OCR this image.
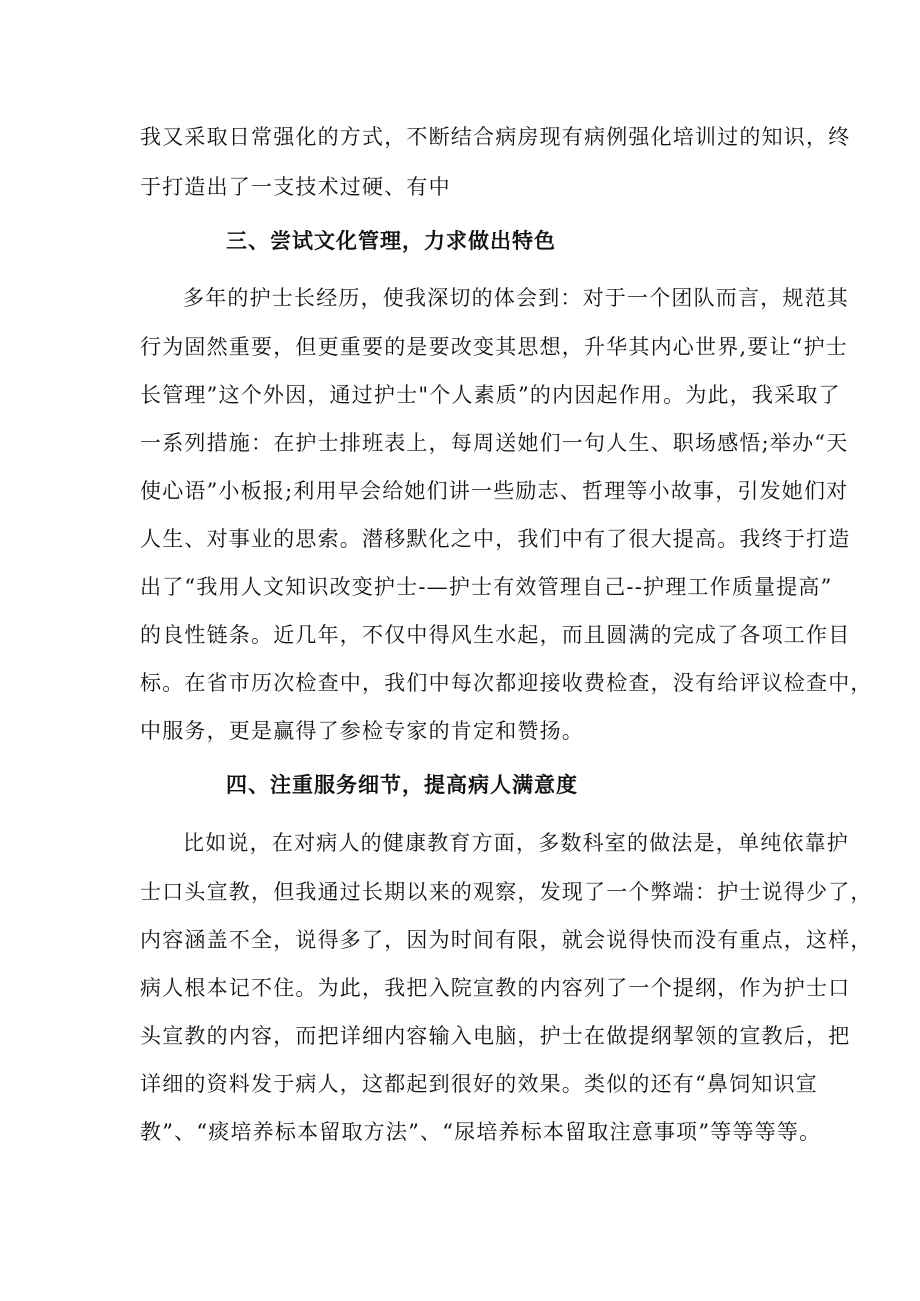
我又采取日常强化的方式，不断结合病房现有病例强化培训过的知识，终
于打造出了一支技术过硬、有中
三、尝试文化管理，力求做出特色
多年的护士长经历，使我深切的体会到：对于一个团队而言，规范其
行为固然重要，但更重要的是要改变其思想，升华其内心世界,要让“护士
长管理”这个外因，通过护士"个人素质”的内因起作用。为此，我采取了
一系列措施：在护士排班表上，每周送她们一句人生、职场感悟;举办“天
使心语”小板报;利用早会给她们讲一些励志、哲理等小故事，引发她们对
人生、对事业的思索。潜移默化之中，我们中有了很大提高。我终于打造
出了“我用人文知识改变护士-—护士有效管理自己--护理工作质量提高”
的良性链条。近几年，不仅中得风生水起，而且圆满的完成了各项工作目
标。在省市历次检查中，我们中每次都迎接收费检查，没有给评议检查中，
中服务，更是赢得了参检专家的肯定和赞扬。
四、注重服务细节，提高病人满意度
比如说，在对病人的健康教育方面，多数科室的做法是，单纯依靠护
士口头宣教，但我通过长期以来的观察，发现了一个弊端：护士说得少了，
内容涵盖不全，说得多了，因为时间有限，就会说得快而没有重点，这样，
病人根本记不住。为此，我把入院宣教的内容列了一个提纲，作为护士口
头宣教的内容，而把详细内容输入电脑，护士在做提纲挈领的宣教后，把
详细的资料发于病人，这都起到很好的效果。类似的还有“鼻饲知识宣
教”、“痰培养标本留取方法”、“尿培养标本留取注意事项”等等等等。
